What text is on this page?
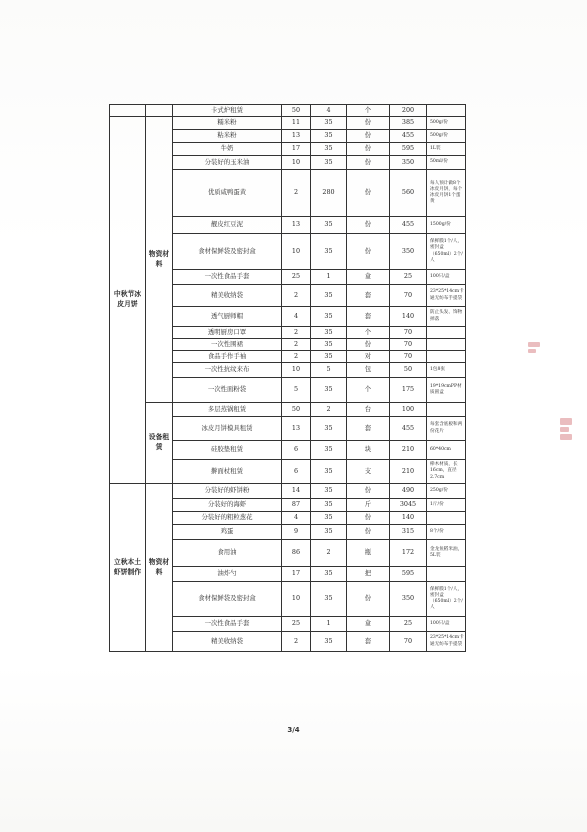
		卡式炉租赁	50	4	个	200	
中秋节冰皮月饼	物资材料	糯米粉	11	35	份	385	500g/份
		粘米粉	13	35	份	455	500g/份
		牛奶	17	35	份	595	1L装
		分装好的玉米油	10	35	份	350	50ml/份
		优质咸鸭蛋黄	2	280	份	560	每人预计做8个冰皮月饼，每个冰皮月饼1个蛋黄
		靓皮红豆泥	13	35	份	455	1500g/份
		食材保鲜袋及密封盒	10	35	份	350	保鲜膜1个/人，密封盒（650ml）2个/人
		一次性食品手套	25	1	盒	25	100只/盒
		精美收纳袋	2	35	套	70	23*25*14cm卡通无纺布手提袋
		透气厨师帽	4	35	套	140	防止头发、饰物掉落
		透明厨房口罩	2	35	个	70	
		一次性围裙	2	35	份	70	
		食品手作手袖	2	35	对	70	
		一次性抗纹来布	10	5	包	50	1包8张
		一次性面粉袋	5	35	个	175	19*19cmPP材质圆盒
	设备租赁	多层蒸锅租赁	50	2	台	100	
		冰皮月饼模具租赁	13	35	套	455	每套含底板和两份花片
		硅胶垫租赁	6	35	块	210	60*40cm
		擀面杖租赁	6	35	支	210	榉木材质，长16cm，直径2.7cm
立秋本土虾饼制作	物资材料	分装好的虾饼粉	14	35	份	490	250g/份
		分装好的海虾	87	35	斤	3045	1斤/份
		分装好的粗粒葱花	4	35	份	140	
		鸡蛋	9	35	份	315	8个/份
		食用油	86	2	瓶	172	金龙鱼稻米油，5L装
		油炸勺	17	35	把	595	
		食材保鲜袋及密封盒	10	35	份	350	保鲜膜1个/人，密封盒（650ml）2个/人
		一次性食品手套	25	1	盒	25	100只/盒
		精美收纳袋	2	35	套	70	23*25*14cm卡通无纺布手提袋
3/4
